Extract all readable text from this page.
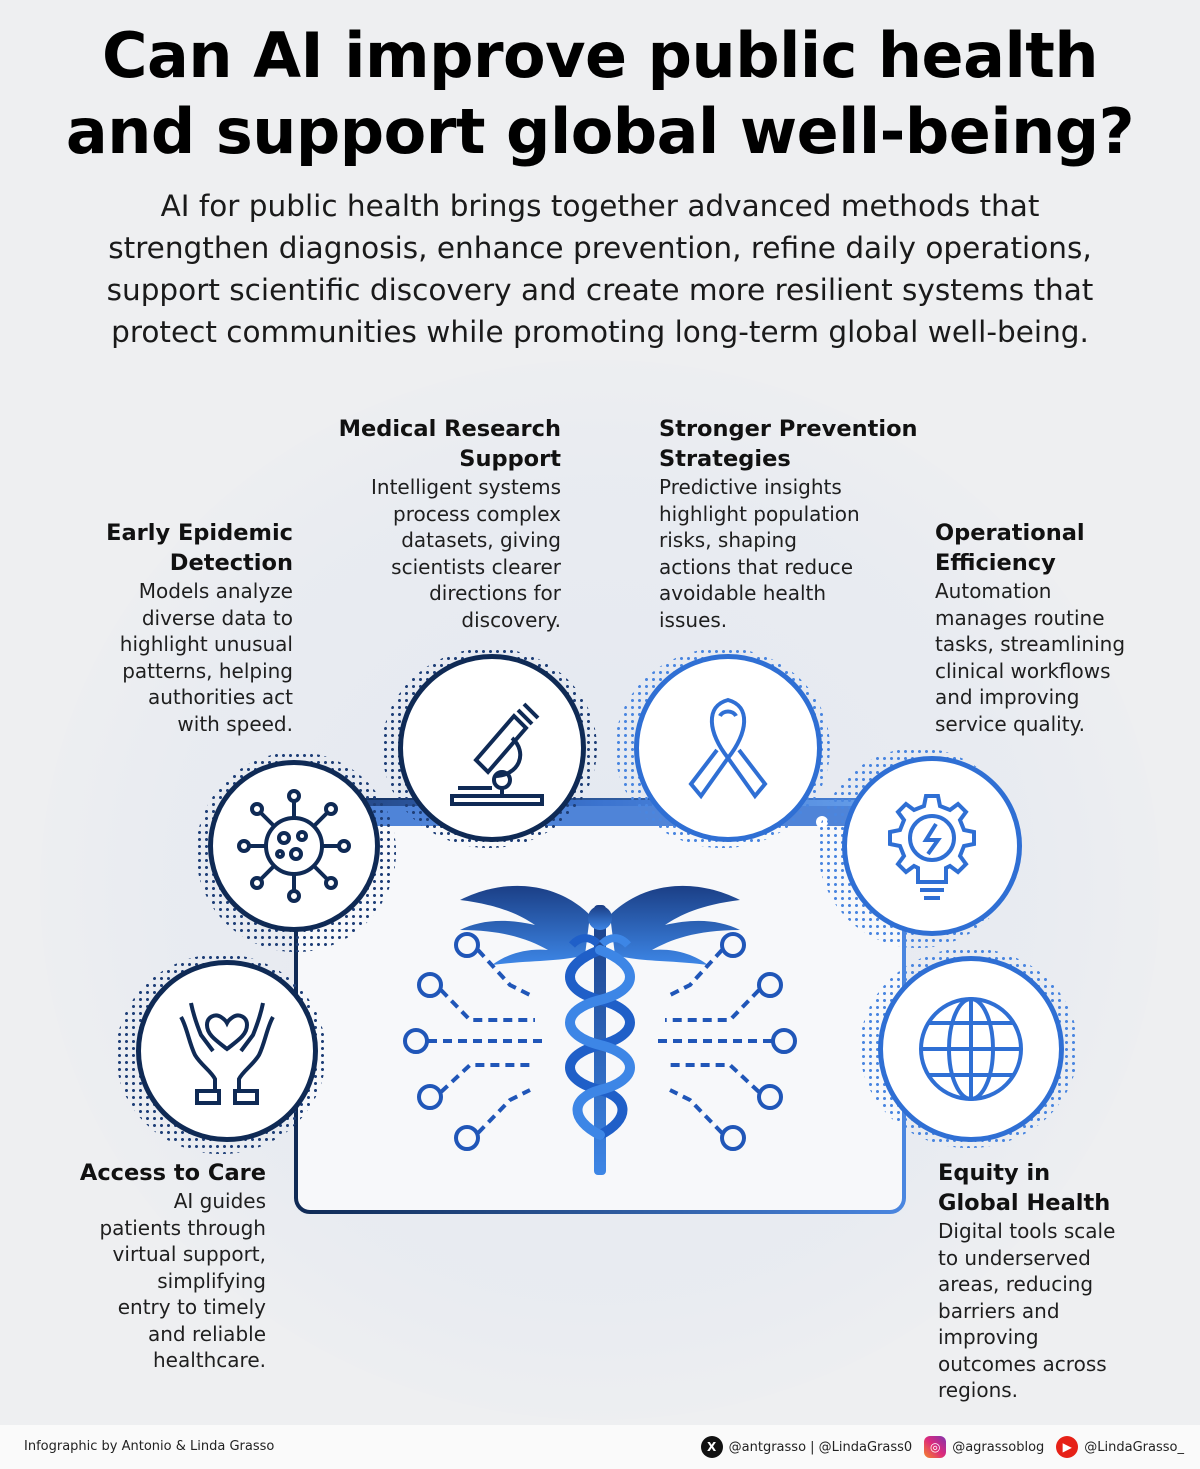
Can AI improve public health
and support global well-being?
AI for public health brings together advanced methods that
strengthen diagnosis, enhance prevention, refine daily operations,
support scientific discovery and create more resilient systems that
protect communities while promoting long-term global well-being.
Early Epidemic
Detection
Models analyze
diverse data to
highlight unusual
patterns, helping
authorities act
with speed.
Medical Research
Support
Intelligent systems
process complex
datasets, giving
scientists clearer
directions for
discovery.
Stronger Prevention
Strategies
Predictive insights
highlight population
risks, shaping
actions that reduce
avoidable health
issues.
Operational
Efficiency
Automation
manages routine
tasks, streamlining
clinical workflows
and improving
service quality.
Access to Care
AI guides
patients through
virtual support,
simplifying
entry to timely
and reliable
healthcare.
Equity in
Global Health
Digital tools scale
to underserved
areas, reducing
barriers and
improving
outcomes across
regions.
Infographic by Antonio & Linda Grasso	X @antgrasso | @LindaGrass0	◎ @agrassoblog	▶ @LindaGrasso_
